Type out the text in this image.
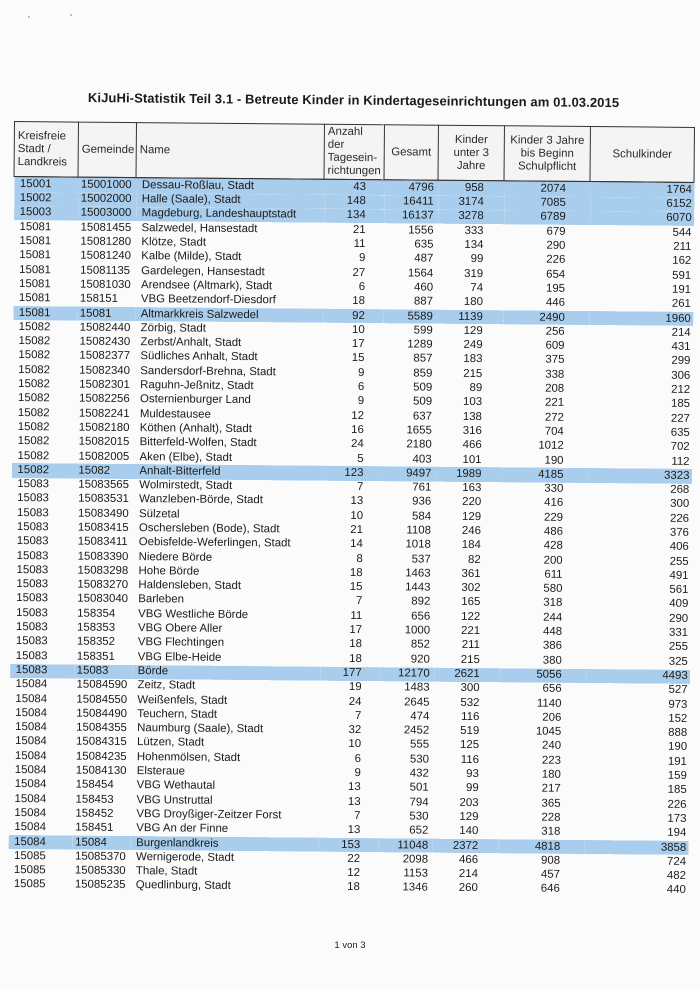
KiJuHi-Statistik Teil 3.1 - Betreute Kinder in Kindertageseinrichtungen am 01.03.2015
Kreisfreie Stadt / Landkreis	Gemeinde	Name	Anzahl der Tagesein-richtungen	Gesamt	Kinder unter 3 Jahre	Kinder 3 Jahre bis Beginn Schulpflicht	Schulkinder
15001	15001000	Dessau-Roßlau, Stadt	43	4796	958	2074	1764
15002	15002000	Halle (Saale), Stadt	148	16411	3174	7085	6152
15003	15003000	Magdeburg, Landeshauptstadt	134	16137	3278	6789	6070
15081	15081455	Salzwedel, Hansestadt	21	1556	333	679	544
15081	15081280	Klötze, Stadt	11	635	134	290	211
15081	15081240	Kalbe (Milde), Stadt	9	487	99	226	162
15081	15081135	Gardelegen, Hansestadt	27	1564	319	654	591
15081	15081030	Arendsee (Altmark), Stadt	6	460	74	195	191
15081	158151	VBG Beetzendorf-Diesdorf	18	887	180	446	261
15081	15081	Altmarkkreis Salzwedel	92	5589	1139	2490	1960
15082	15082440	Zörbig, Stadt	10	599	129	256	214
15082	15082430	Zerbst/Anhalt, Stadt	17	1289	249	609	431
15082	15082377	Südliches Anhalt, Stadt	15	857	183	375	299
15082	15082340	Sandersdorf-Brehna, Stadt	9	859	215	338	306
15082	15082301	Raguhn-Jeßnitz, Stadt	6	509	89	208	212
15082	15082256	Osternienburger Land	9	509	103	221	185
15082	15082241	Muldestausee	12	637	138	272	227
15082	15082180	Köthen (Anhalt), Stadt	16	1655	316	704	635
15082	15082015	Bitterfeld-Wolfen, Stadt	24	2180	466	1012	702
15082	15082005	Aken (Elbe), Stadt	5	403	101	190	112
15082	15082	Anhalt-Bitterfeld	123	9497	1989	4185	3323
15083	15083565	Wolmirstedt, Stadt	7	761	163	330	268
15083	15083531	Wanzleben-Börde, Stadt	13	936	220	416	300
15083	15083490	Sülzetal	10	584	129	229	226
15083	15083415	Oschersleben (Bode), Stadt	21	1108	246	486	376
15083	15083411	Oebisfelde-Weferlingen, Stadt	14	1018	184	428	406
15083	15083390	Niedere Börde	8	537	82	200	255
15083	15083298	Hohe Börde	18	1463	361	611	491
15083	15083270	Haldensleben, Stadt	15	1443	302	580	561
15083	15083040	Barleben	7	892	165	318	409
15083	158354	VBG Westliche Börde	11	656	122	244	290
15083	158353	VBG Obere Aller	17	1000	221	448	331
15083	158352	VBG Flechtingen	18	852	211	386	255
15083	158351	VBG Elbe-Heide	18	920	215	380	325
15083	15083	Börde	177	12170	2621	5056	4493
15084	15084590	Zeitz, Stadt	19	1483	300	656	527
15084	15084550	Weißenfels, Stadt	24	2645	532	1140	973
15084	15084490	Teuchern, Stadt	7	474	116	206	152
15084	15084355	Naumburg (Saale), Stadt	32	2452	519	1045	888
15084	15084315	Lützen, Stadt	10	555	125	240	190
15084	15084235	Hohenmölsen, Stadt	6	530	116	223	191
15084	15084130	Elsteraue	9	432	93	180	159
15084	158454	VBG Wethautal	13	501	99	217	185
15084	158453	VBG Unstruttal	13	794	203	365	226
15084	158452	VBG Droyßiger-Zeitzer Forst	7	530	129	228	173
15084	158451	VBG An der Finne	13	652	140	318	194
15084	15084	Burgenlandkreis	153	11048	2372	4818	3858
15085	15085370	Wernigerode, Stadt	22	2098	466	908	724
15085	15085330	Thale, Stadt	12	1153	214	457	482
15085	15085235	Quedlinburg, Stadt	18	1346	260	646	440
1 von 3
